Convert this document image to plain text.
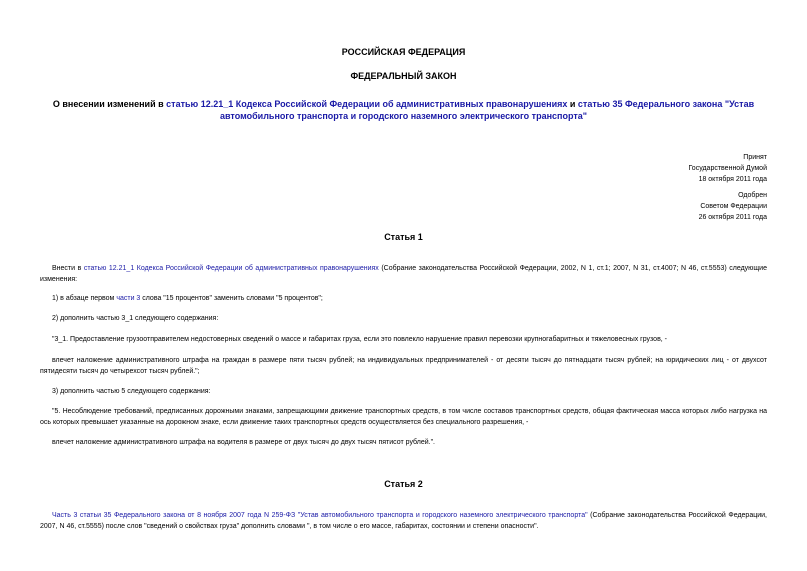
РОССИЙСКАЯ ФЕДЕРАЦИЯ
ФЕДЕРАЛЬНЫЙ ЗАКОН
О внесении изменений в статью 12.21_1 Кодекса Российской Федерации об административных правонарушениях и статью 35 Федерального закона "Устав автомобильного транспорта и городского наземного электрического транспорта"
Принят
Государственной Думой
18 октября 2011 года
Одобрен
Советом Федерации
26 октября 2011 года
Статья 1
Внести в статью 12.21_1 Кодекса Российской Федерации об административных правонарушениях (Собрание законодательства Российской Федерации, 2002, N 1, ст.1; 2007, N 31, ст.4007; N 46, ст.5553) следующие изменения:
1) в абзаце первом части 3 слова "15 процентов" заменить словами "5 процентов";
2) дополнить частью 3_1 следующего содержания:
"3_1. Предоставление грузоотправителем недостоверных сведений о массе и габаритах груза, если это повлекло нарушение правил перевозки крупногабаритных и тяжеловесных грузов, -
влечет наложение административного штрафа на граждан в размере пяти тысяч рублей; на индивидуальных предпринимателей - от десяти тысяч до пятнадцати тысяч рублей; на юридических лиц - от двухсот пятидесяти тысяч до четырехсот тысяч рублей.";
3) дополнить частью 5 следующего содержания:
"5. Несоблюдение требований, предписанных дорожными знаками, запрещающими движение транспортных средств, в том числе составов транспортных средств, общая фактическая масса которых либо нагрузка на ось которых превышает указанные на дорожном знаке, если движение таких транспортных средств осуществляется без специального разрешения, -
влечет наложение административного штрафа на водителя в размере от двух тысяч до двух тысяч пятисот рублей.".
Статья 2
Часть 3 статьи 35 Федерального закона от 8 ноября 2007 года N 259-ФЗ "Устав автомобильного транспорта и городского наземного электрического транспорта" (Собрание законодательства Российской Федерации, 2007, N 46, ст.5555) после слов "сведений о свойствах груза" дополнить словами ", в том числе о его массе, габаритах, состоянии и степени опасности".
